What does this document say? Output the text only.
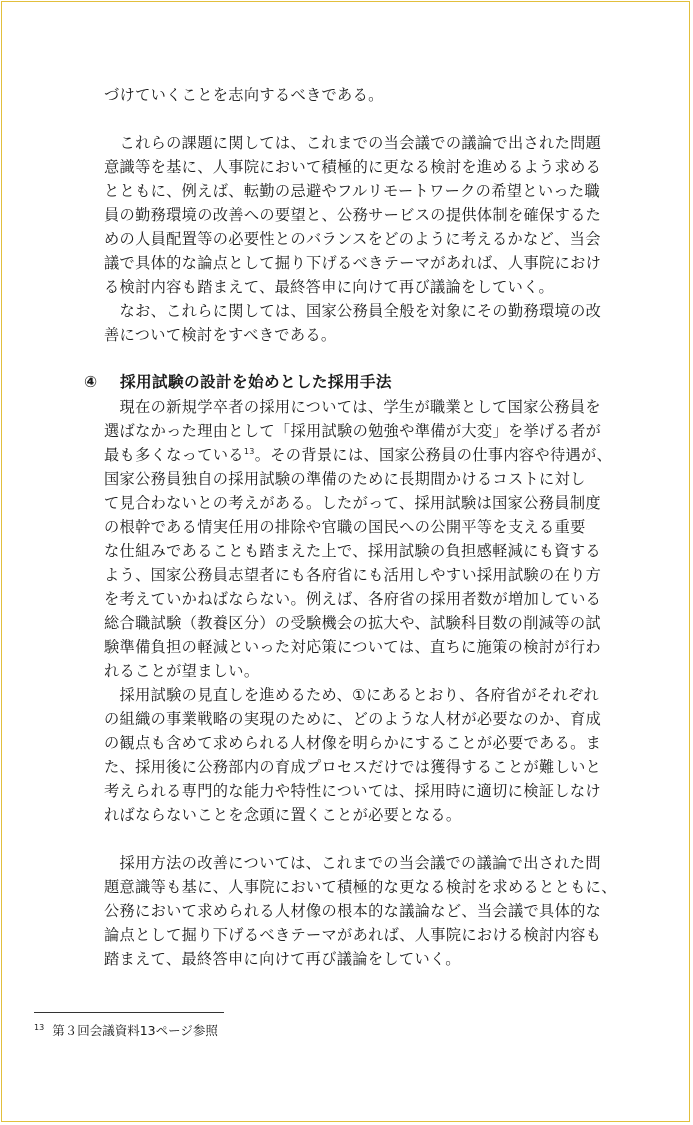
づけていくことを志向するべきである。
　これらの課題に関しては、これまでの当会議での議論で出された問題
意識等を基に、人事院において積極的に更なる検討を進めるよう求める
とともに、例えば、転勤の忌避やフルリモートワークの希望といった職
員の勤務環境の改善への要望と、公務サービスの提供体制を確保するた
めの人員配置等の必要性とのバランスをどのように考えるかなど、当会
議で具体的な論点として掘り下げるべきテーマがあれば、人事院におけ
る検討内容も踏まえて、最終答申に向けて再び議論をしていく。
　なお、これらに関しては、国家公務員全般を対象にその勤務環境の改
善について検討をすべきである。
④ 採用試験の設計を始めとした採用手法
　現在の新規学卒者の採用については、学生が職業として国家公務員を
選ばなかった理由として「採用試験の勉強や準備が大変」を挙げる者が
最も多くなっている$^{13}$。その背景には、国家公務員の仕事内容や待遇が、
国家公務員独自の採用試験の準備のために長期間かけるコストに対し
て見合わないとの考えがある。したがって、採用試験は国家公務員制度
の根幹である情実任用の排除や官職の国民への公開平等を支える重要
な仕組みであることも踏まえた上で、採用試験の負担感軽減にも資する
よう、国家公務員志望者にも各府省にも活用しやすい採用試験の在り方
を考えていかねばならない。例えば、各府省の採用者数が増加している
総合職試験（教養区分）の受験機会の拡大や、試験科目数の削減等の試
験準備負担の軽減といった対応策については、直ちに施策の検討が行わ
れることが望ましい。
　採用試験の見直しを進めるため、①にあるとおり、各府省がそれぞれ
の組織の事業戦略の実現のために、どのような人材が必要なのか、育成
の観点も含めて求められる人材像を明らかにすることが必要である。ま
た、採用後に公務部内の育成プロセスだけでは獲得することが難しいと
考えられる専門的な能力や特性については、採用時に適切に検証しなけ
ればならないことを念頭に置くことが必要となる。
　採用方法の改善については、これまでの当会議での議論で出された問
題意識等も基に、人事院において積極的な更なる検討を求めるとともに、
公務において求められる人材像の根本的な議論など、当会議で具体的な
論点として掘り下げるべきテーマがあれば、人事院における検討内容も
踏まえて、最終答申に向けて再び議論をしていく。
$^{13}$ 第３回会議資料13ページ参照
